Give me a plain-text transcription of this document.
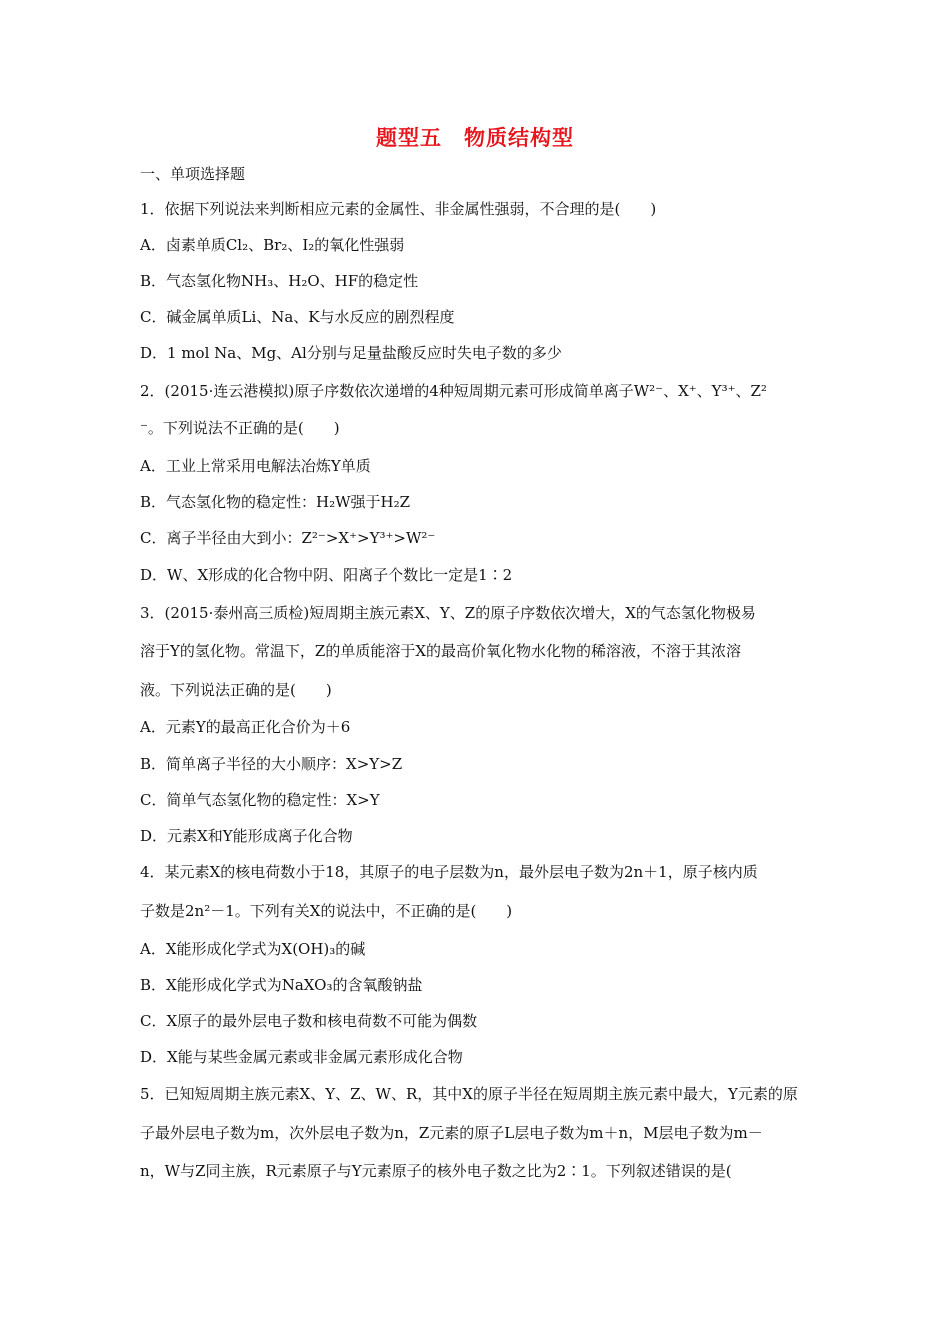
题型五　物质结构型
一、单项选择题
1．依据下列说法来判断相应元素的金属性、非金属性强弱，不合理的是(　　)
A．卤素单质Cl₂、Br₂、I₂的氧化性强弱
B．气态氢化物NH₃、H₂O、HF的稳定性
C．碱金属单质Li、Na、K与水反应的剧烈程度
D．1 mol Na、Mg、Al分别与足量盐酸反应时失电子数的多少
2．(2015·连云港模拟)原子序数依次递增的4种短周期元素可形成简单离子W²⁻、X⁺、Y³⁺、Z²
⁻。下列说法不正确的是(　　)
A．工业上常采用电解法冶炼Y单质
B．气态氢化物的稳定性：H₂W强于H₂Z
C．离子半径由大到小：Z²⁻>X⁺>Y³⁺>W²⁻
D．W、X形成的化合物中阴、阳离子个数比一定是1∶2
3．(2015·泰州高三质检)短周期主族元素X、Y、Z的原子序数依次增大，X的气态氢化物极易
溶于Y的氢化物。常温下，Z的单质能溶于X的最高价氧化物水化物的稀溶液，不溶于其浓溶
液。下列说法正确的是(　　)
A．元素Y的最高正化合价为＋6
B．简单离子半径的大小顺序：X>Y>Z
C．简单气态氢化物的稳定性：X>Y
D．元素X和Y能形成离子化合物
4．某元素X的核电荷数小于18，其原子的电子层数为n，最外层电子数为2n＋1，原子核内质
子数是2n²－1。下列有关X的说法中，不正确的是(　　)
A．X能形成化学式为X(OH)₃的碱
B．X能形成化学式为NaXO₃的含氧酸钠盐
C．X原子的最外层电子数和核电荷数不可能为偶数
D．X能与某些金属元素或非金属元素形成化合物
5．已知短周期主族元素X、Y、Z、W、R，其中X的原子半径在短周期主族元素中最大，Y元素的原
子最外层电子数为m，次外层电子数为n，Z元素的原子L层电子数为m＋n，M层电子数为m－
n，W与Z同主族，R元素原子与Y元素原子的核外电子数之比为2∶1。下列叙述错误的是(
